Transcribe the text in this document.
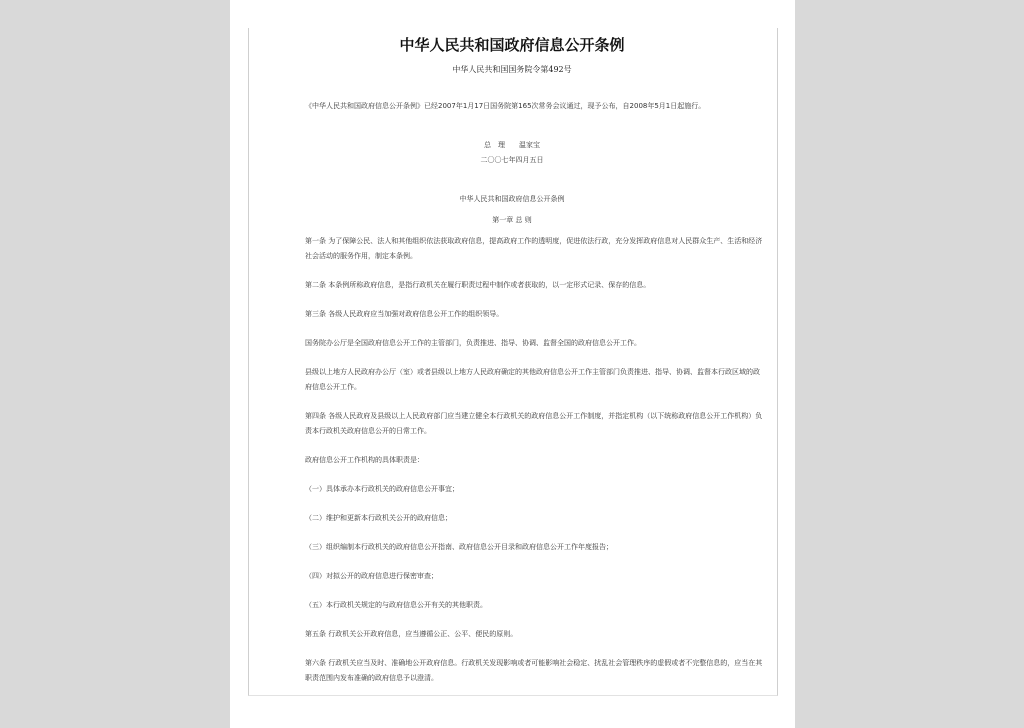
中华人民共和国政府信息公开条例
中华人民共和国国务院令第492号

《中华人民共和国政府信息公开条例》已经2007年1月17日国务院第165次常务会议通过，现予公布，自2008年5月1日起施行。

总　理　　温家宝

二〇〇七年四月五日

中华人民共和国政府信息公开条例

第一章 总 则

第一条 为了保障公民、法人和其他组织依法获取政府信息，提高政府工作的透明度，促进依法行政，充分发挥政府信息对人民群众生产、生活和经济社会活动的服务作用，制定本条例。

第二条 本条例所称政府信息，是指行政机关在履行职责过程中制作或者获取的，以一定形式记录、保存的信息。

第三条 各级人民政府应当加强对政府信息公开工作的组织领导。

国务院办公厅是全国政府信息公开工作的主管部门，负责推进、指导、协调、监督全国的政府信息公开工作。

县级以上地方人民政府办公厅（室）或者县级以上地方人民政府确定的其他政府信息公开工作主管部门负责推进、指导、协调、监督本行政区域的政府信息公开工作。

第四条 各级人民政府及县级以上人民政府部门应当建立健全本行政机关的政府信息公开工作制度，并指定机构（以下统称政府信息公开工作机构）负责本行政机关政府信息公开的日常工作。

政府信息公开工作机构的具体职责是：

（一）具体承办本行政机关的政府信息公开事宜；

（二）维护和更新本行政机关公开的政府信息；

（三）组织编制本行政机关的政府信息公开指南、政府信息公开目录和政府信息公开工作年度报告；

（四）对拟公开的政府信息进行保密审查；

（五）本行政机关规定的与政府信息公开有关的其他职责。

第五条 行政机关公开政府信息，应当遵循公正、公平、便民的原则。

第六条 行政机关应当及时、准确地公开政府信息。行政机关发现影响或者可能影响社会稳定、扰乱社会管理秩序的虚假或者不完整信息的，应当在其职责范围内发布准确的政府信息予以澄清。
